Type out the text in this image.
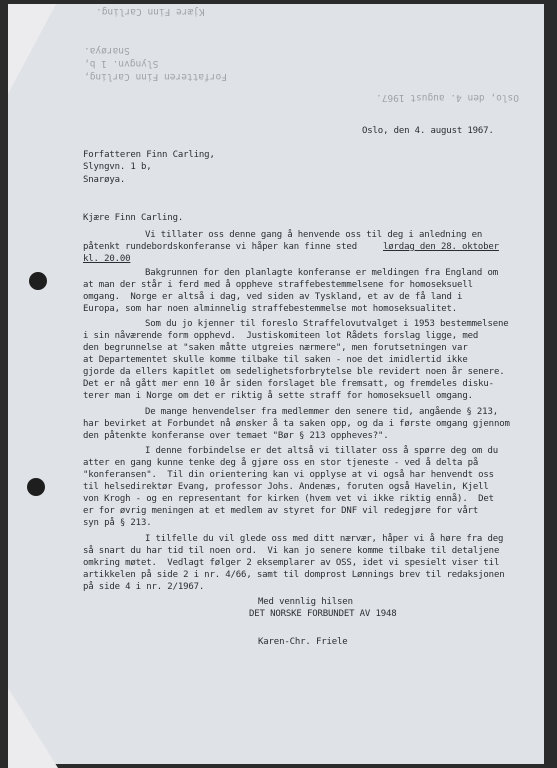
Kjære Finn Carling.
Snarøya.
Slyngvn. 1 b,
Forfatteren Finn Carling,
Oslo, den 4. august 1967.
Oslo, den 4. august 1967.
Forfatteren Finn Carling,
Slyngvn. 1 b,
Snarøya.
Kjære Finn Carling.
Vi tillater oss denne gang å henvende oss til deg i anledning en
påtenkt rundebordskonferanse vi håper kan finne sted	lørdag den 28. oktober
kl. 20.00
Bakgrunnen for den planlagte konferanse er meldingen fra England om
at man der står i ferd med å oppheve straffebestemmelsene for homoseksuell
omgang.  Norge er altså i dag, ved siden av Tyskland, et av de få land i
Europa, som har noen alminnelig straffebestemmelse mot homoseksualitet.
Som du jo kjenner til foreslo Straffelovutvalget i 1953 bestemmelsene
i sin nåværende form opphevd.  Justiskomiteen lot Rådets forslag ligge, med
den begrunnelse at "saken måtte utgreies nærmere", men forutsetningen var
at Departementet skulle komme tilbake til saken - noe det imidlertid ikke
gjorde da ellers kapitlet om sedelighetsforbrytelse ble revidert noen år senere.
Det er nå gått mer enn 10 år siden forslaget ble fremsatt, og fremdeles disku-
terer man i Norge om det er riktig å sette straff for homoseksuell omgang.
De mange henvendelser fra medlemmer den senere tid, angående § 213,
har bevirket at Forbundet nå ønsker å ta saken opp, og da i første omgang gjennom
den påtenkte konferanse over temaet "Bør § 213 oppheves?".
I denne forbindelse er det altså vi tillater oss å spørre deg om du
atter en gang kunne tenke deg å gjøre oss en stor tjeneste - ved å delta på
"konferansen".  Til din orientering kan vi opplyse at vi også har henvendt oss
til helsedirektør Evang, professor Johs. Andenæs, foruten også Havelin, Kjell
von Krogh - og en representant for kirken (hvem vet vi ikke riktig ennå).  Det
er for øvrig meningen at et medlem av styret for DNF vil redegjøre for vårt
syn på § 213.
I tilfelle du vil glede oss med ditt nærvær, håper vi å høre fra deg
så snart du har tid til noen ord.  Vi kan jo senere komme tilbake til detaljene
omkring møtet.  Vedlagt følger 2 eksemplarer av OSS, idet vi spesielt viser til
artikkelen på side 2 i nr. 4/66, samt til domprost Lønnings brev til redaksjonen
på side 4 i nr. 2/1967.
Med vennlig hilsen
DET NORSKE FORBUNDET AV 1948
Karen-Chr. Friele
